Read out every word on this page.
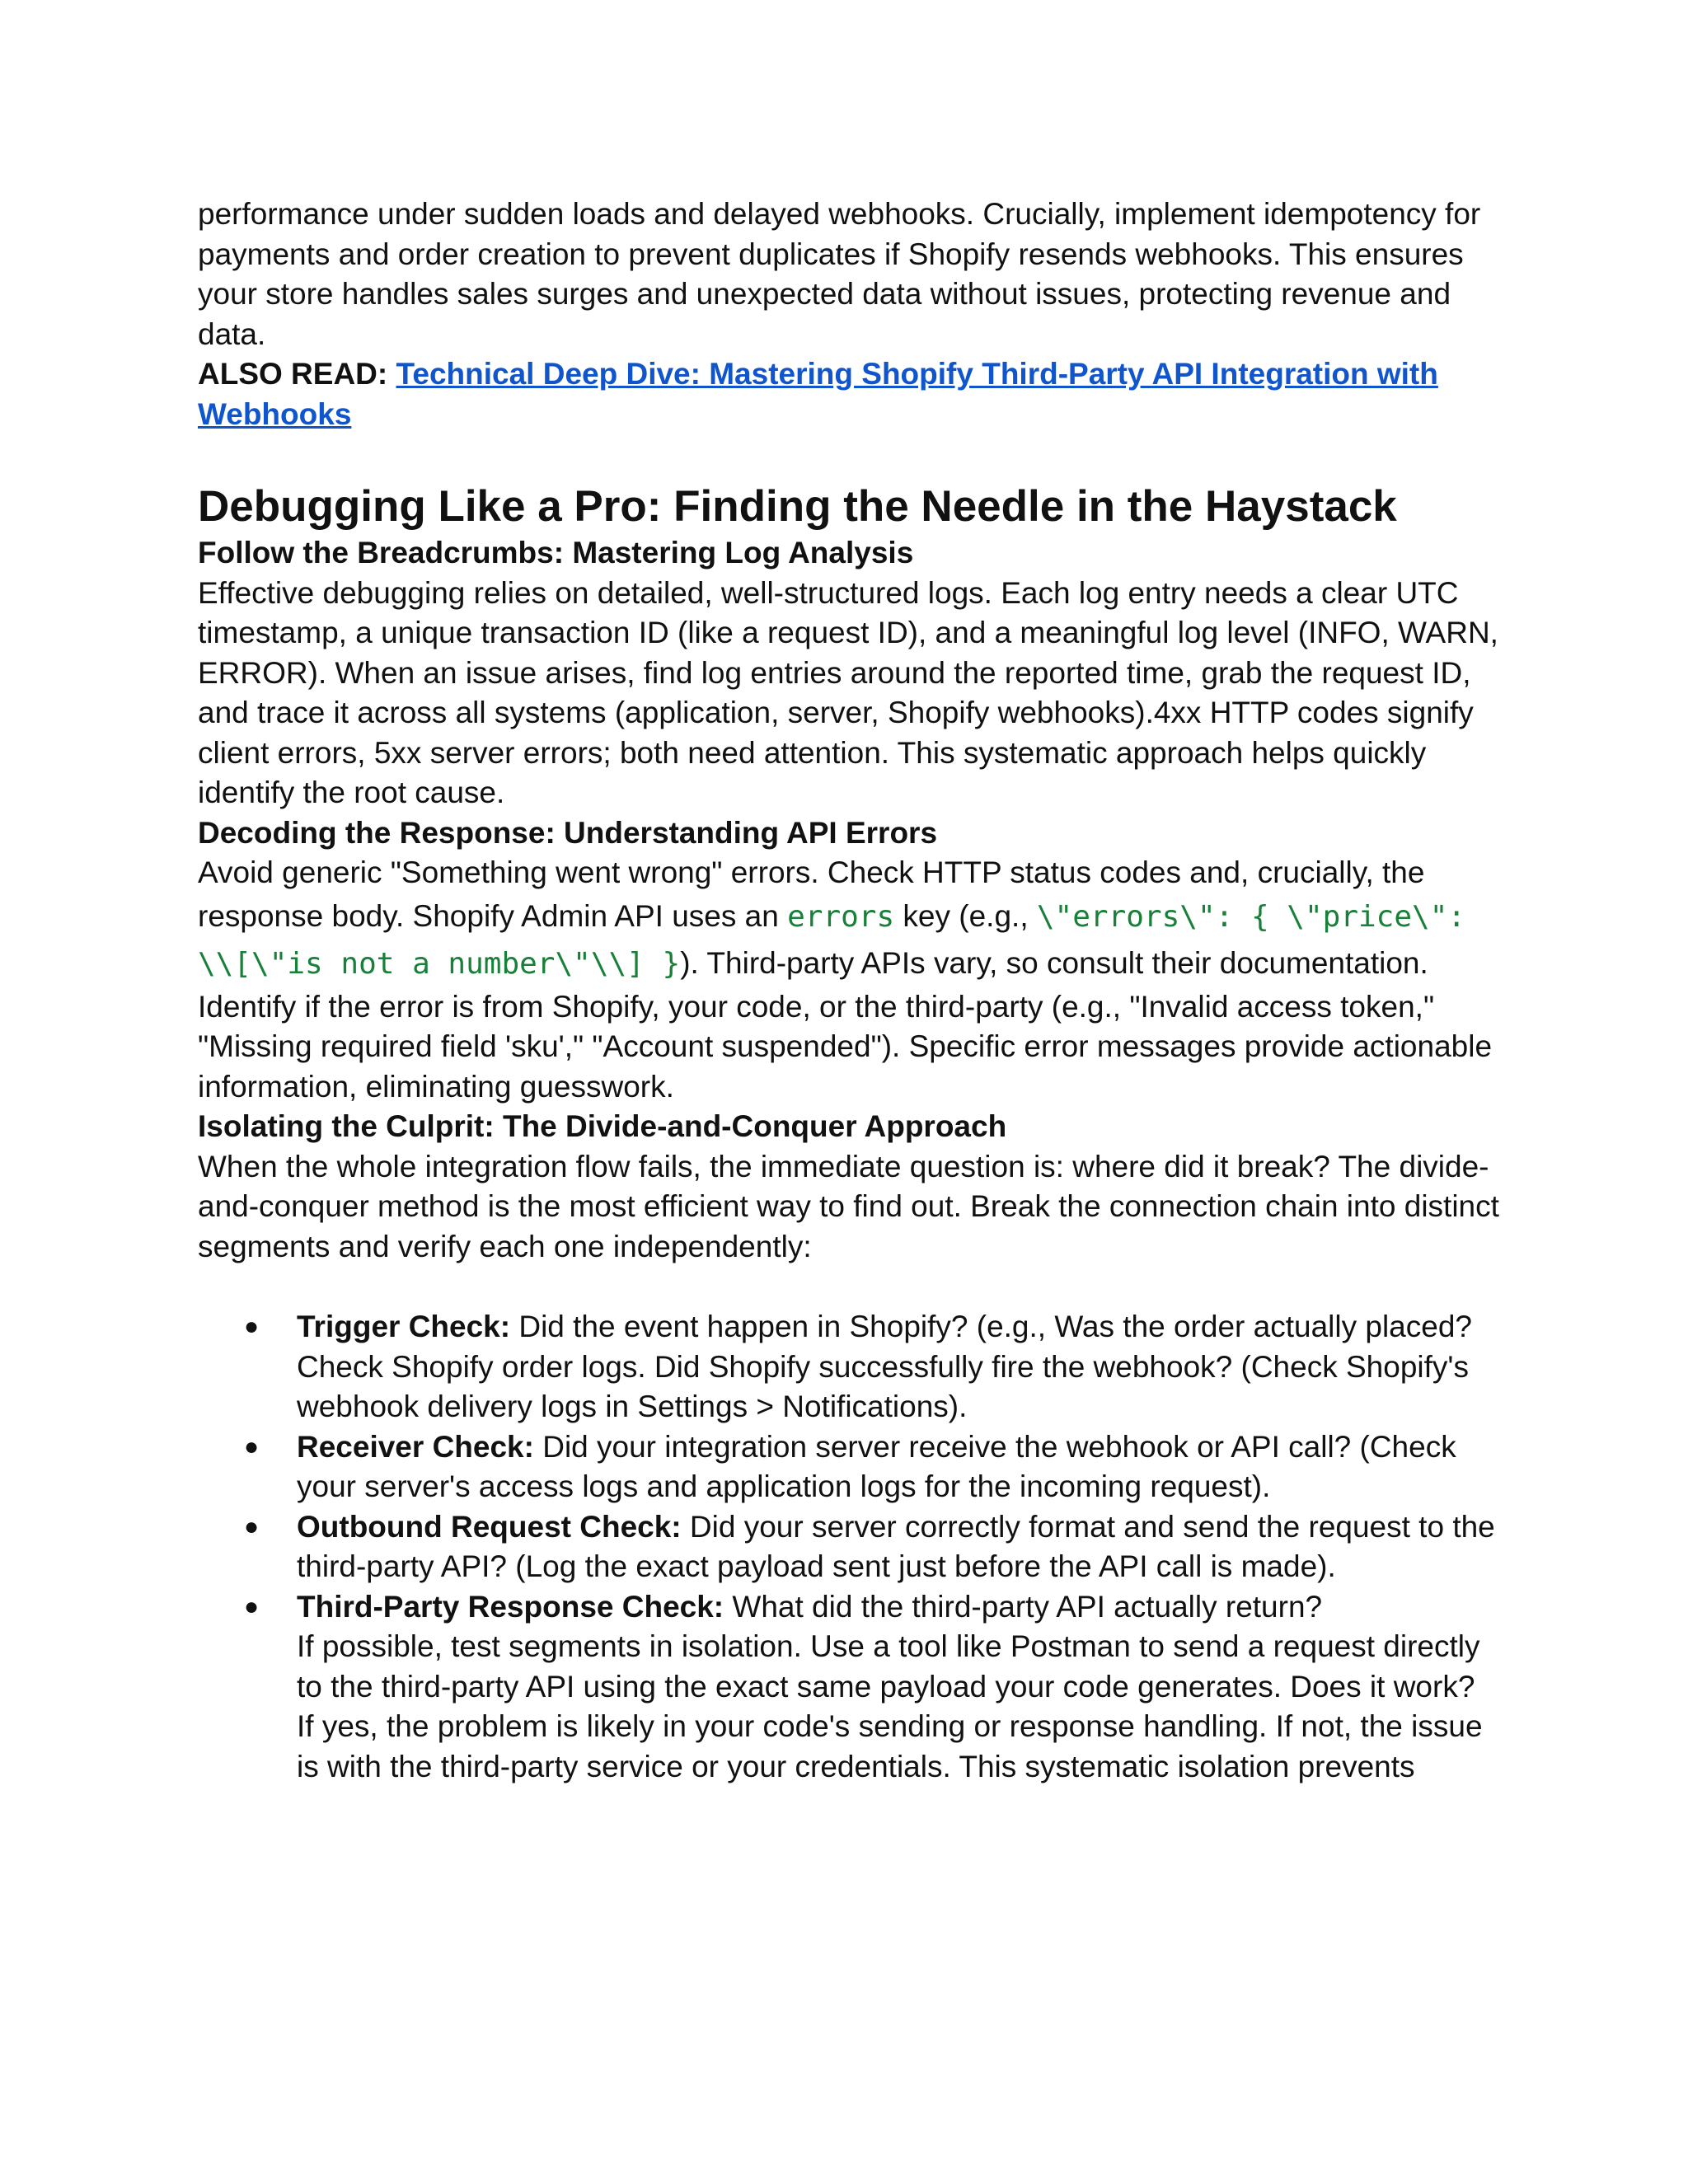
performance under sudden loads and delayed webhooks. Crucially, implement idempotency for payments and order creation to prevent duplicates if Shopify resends webhooks. This ensures your store handles sales surges and unexpected data without issues, protecting revenue and data.

ALSO READ: Technical Deep Dive: Mastering Shopify Third-Party API Integration with Webhooks

Debugging Like a Pro: Finding the Needle in the Haystack
Follow the Breadcrumbs: Mastering Log Analysis

Effective debugging relies on detailed, well-structured logs. Each log entry needs a clear UTC timestamp, a unique transaction ID (like a request ID), and a meaningful log level (INFO, WARN, ERROR). When an issue arises, find log entries around the reported time, grab the request ID, and trace it across all systems (application, server, Shopify webhooks).4xx HTTP codes signify client errors, 5xx server errors; both need attention. This systematic approach helps quickly identify the root cause.

Decoding the Response: Understanding API Errors

Avoid generic "Something went wrong" errors. Check HTTP status codes and, crucially, the
response body. Shopify Admin API uses an errors key (e.g., \"errors\": { \"price\":
\\[\"is not a number\"\\] }). Third-party APIs vary, so consult their documentation.
Identify if the error is from Shopify, your code, or the third-party (e.g., "Invalid access token," "Missing required field 'sku'," "Account suspended"). Specific error messages provide actionable information, eliminating guesswork.

Isolating the Culprit: The Divide-and-Conquer Approach

When the whole integration flow fails, the immediate question is: where did it break? The divide-and-conquer method is the most efficient way to find out. Break the connection chain into distinct segments and verify each one independently:

● Trigger Check: Did the event happen in Shopify? (e.g., Was the order actually placed? Check Shopify order logs. Did Shopify successfully fire the webhook? (Check Shopify's webhook delivery logs in Settings > Notifications).
● Receiver Check: Did your integration server receive the webhook or API call? (Check your server's access logs and application logs for the incoming request).
● Outbound Request Check: Did your server correctly format and send the request to the third-party API? (Log the exact payload sent just before the API call is made).
● Third-Party Response Check: What did the third-party API actually return?
If possible, test segments in isolation. Use a tool like Postman to send a request directly to the third-party API using the exact same payload your code generates. Does it work? If yes, the problem is likely in your code's sending or response handling. If not, the issue is with the third-party service or your credentials. This systematic isolation prevents
